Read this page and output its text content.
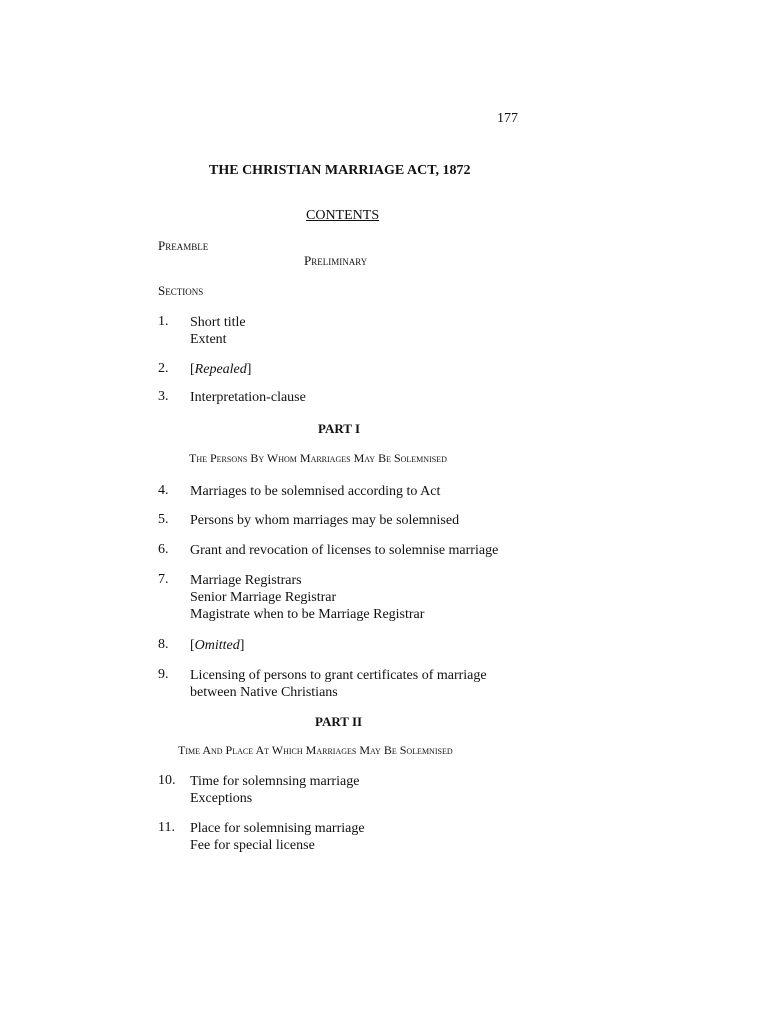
177
THE CHRISTIAN MARRIAGE ACT, 1872
CONTENTS
Preamble
Preliminary
Sections
1. Short title
Extent
2. [Repealed]
3. Interpretation-clause
PART I
The Persons By Whom Marriages May Be Solemnised
4. Marriages to be solemnised according to Act
5. Persons by whom marriages may be solemnised
6. Grant and revocation of licenses to solemnise marriage
7. Marriage Registrars
Senior Marriage Registrar
Magistrate when to be Marriage Registrar
8. [Omitted]
9. Licensing of persons to grant certificates of marriage
between Native Christians
PART II
Time And Place At Which Marriages May Be Solemnised
10. Time for solemnsing marriage
Exceptions
11. Place for solemnising marriage
Fee for special license
